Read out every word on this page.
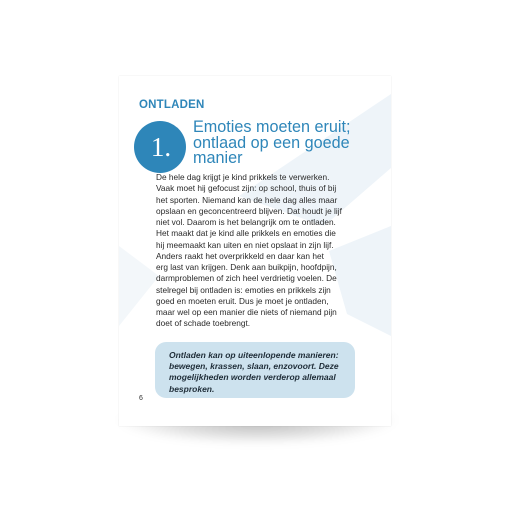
ONTLADEN
1.
Emoties moeten eruit;
ontlaad op een goede
manier
De hele dag krijgt je kind prikkels te verwerken.
Vaak moet hij gefocust zijn: op school, thuis of bij
het sporten. Niemand kan de hele dag alles maar
opslaan en geconcentreerd blijven. Dat houdt je lijf
niet vol. Daarom is het belangrijk om te ontladen.
Het maakt dat je kind alle prikkels en emoties die
hij meemaakt kan uiten en niet opslaat in zijn lijf.
Anders raakt het overprikkeld en daar kan het
erg last van krijgen. Denk aan buikpijn, hoofdpijn,
darmproblemen of zich heel verdrietig voelen. De
stelregel bij ontladen is: emoties en prikkels zijn
goed en moeten eruit. Dus je moet je ontladen,
maar wel op een manier die niets of niemand pijn
doet of schade toebrengt.
Ontladen kan op uiteenlopende manieren:
bewegen, krassen, slaan, enzovoort. Deze
mogelijkheden worden verderop allemaal
besproken.
6
